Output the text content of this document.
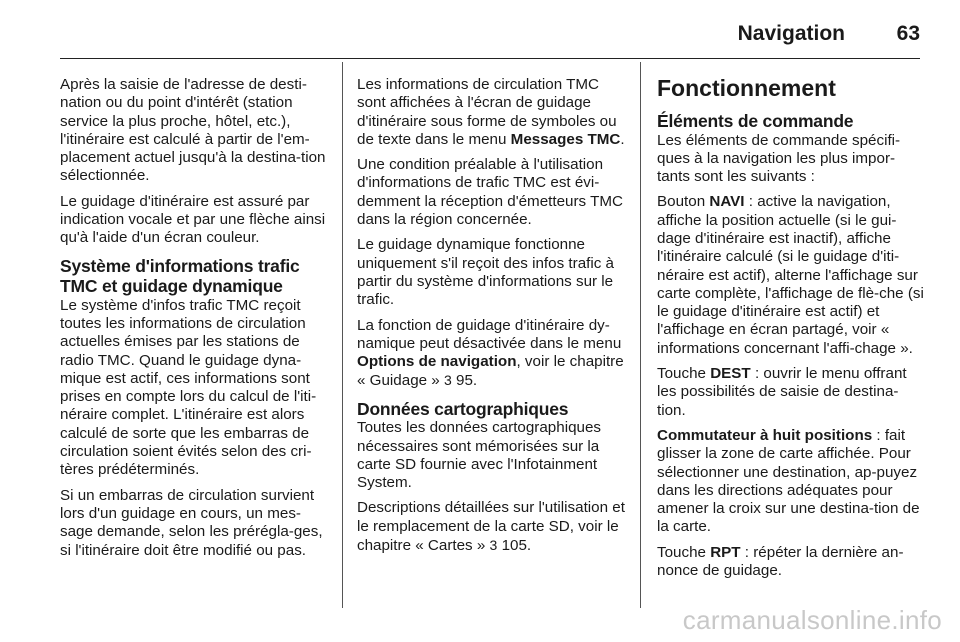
Navigation 63

Après la saisie de l'adresse de desti-nation ou du point d'intérêt (station service la plus proche, hôtel, etc.), l'itinéraire est calculé à partir de l'em-placement actuel jusqu'à la destina-tion sélectionnée.

Le guidage d'itinéraire est assuré par indication vocale et par une flèche ainsi qu'à l'aide d'un écran couleur.

Système d'informations trafic TMC et guidage dynamique

Le système d'infos trafic TMC reçoit toutes les informations de circulation actuelles émises par les stations de radio TMC. Quand le guidage dyna-mique est actif, ces informations sont prises en compte lors du calcul de l'iti-néraire complet. L'itinéraire est alors calculé de sorte que les embarras de circulation soient évités selon des cri-tères prédéterminés.

Si un embarras de circulation survient lors d'un guidage en cours, un mes-sage demande, selon les prérégla-ges, si l'itinéraire doit être modifié ou pas.

Les informations de circulation TMC sont affichées à l'écran de guidage d'itinéraire sous forme de symboles ou de texte dans le menu Messages TMC.

Une condition préalable à l'utilisation d'informations de trafic TMC est évi-demment la réception d'émetteurs TMC dans la région concernée.

Le guidage dynamique fonctionne uniquement s'il reçoit des infos trafic à partir du système d'informations sur le trafic.

La fonction de guidage d'itinéraire dy-namique peut désactivée dans le menu Options de navigation, voir le chapitre « Guidage » 3 95.

Données cartographiques

Toutes les données cartographiques nécessaires sont mémorisées sur la carte SD fournie avec l'Infotainment System.

Descriptions détaillées sur l'utilisation et le remplacement de la carte SD, voir le chapitre « Cartes » 3 105.

Fonctionnement
Éléments de commande

Les éléments de commande spécifi-ques à la navigation les plus impor-tants sont les suivants :

Bouton NAVI : active la navigation, affiche la position actuelle (si le gui-dage d'itinéraire est inactif), affiche l'itinéraire calculé (si le guidage d'iti-néraire est actif), alterne l'affichage sur carte complète, l'affichage de flè-che (si le guidage d'itinéraire est actif) et l'affichage en écran partagé, voir « informations concernant l'affi-chage ».

Touche DEST : ouvrir le menu offrant les possibilités de saisie de destina-tion.

Commutateur à huit positions : fait glisser la zone de carte affichée. Pour sélectionner une destination, ap-puyez dans les directions adéquates pour amener la croix sur une destina-tion de la carte.

Touche RPT : répéter la dernière an-nonce de guidage.

carmanualsonline.info
